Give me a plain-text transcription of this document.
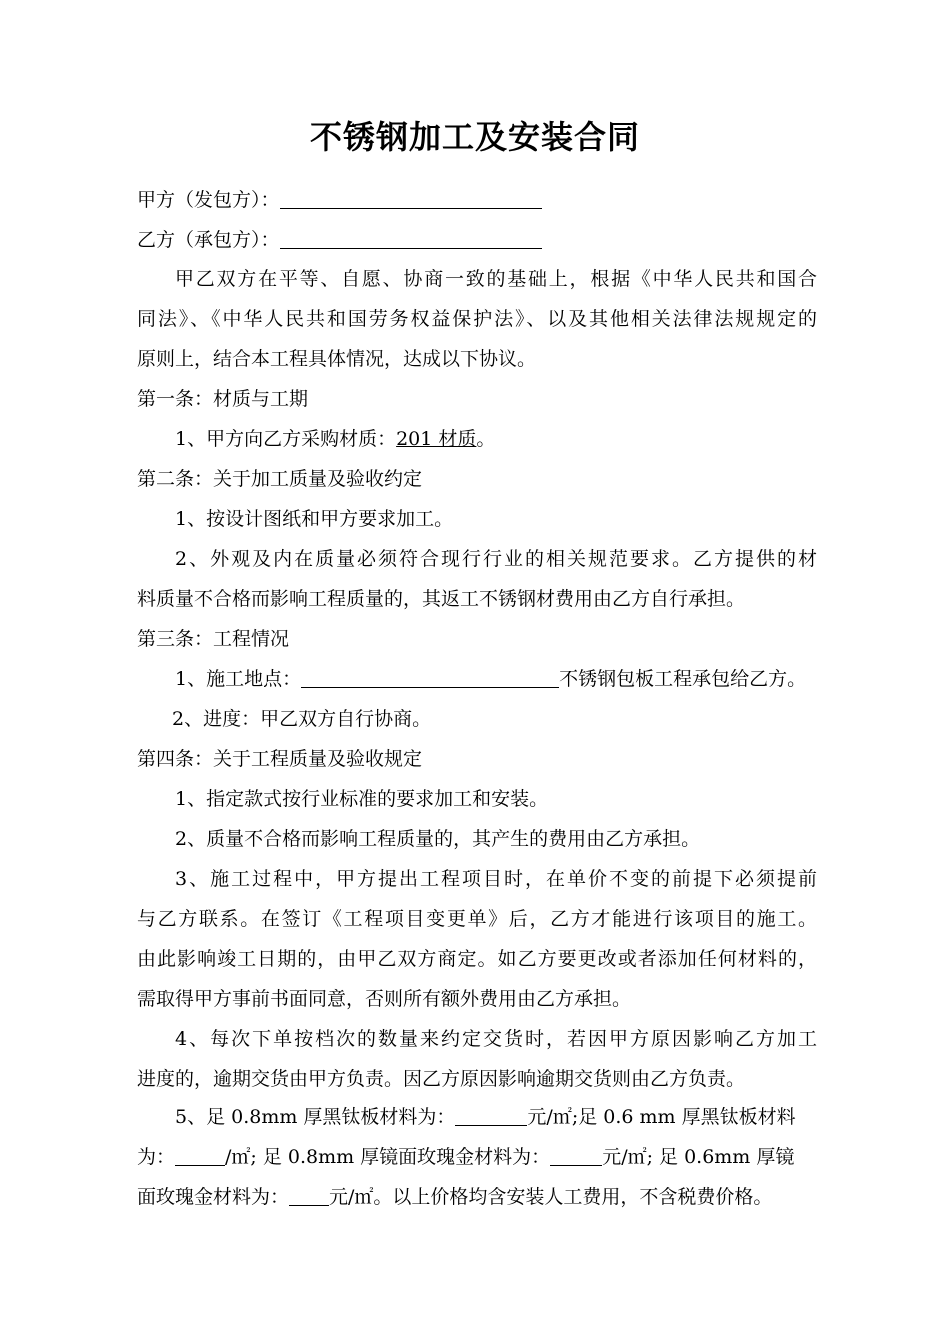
不锈钢加工及安装合同
甲方（发包方）：
乙方（承包方）：
甲乙双方在平等、自愿、协商一致的基础上，根据《中华人民共和国合
同法》、《中华人民共和国劳务权益保护法》、以及其他相关法律法规规定的
原则上，结合本工程具体情况，达成以下协议。
第一条：材质与工期
1、甲方向乙方采购材质：201 材质。
第二条：关于加工质量及验收约定
1、按设计图纸和甲方要求加工。
2、外观及内在质量必须符合现行行业的相关规范要求。乙方提供的材
料质量不合格而影响工程质量的，其返工不锈钢材费用由乙方自行承担。
第三条：工程情况
1、施工地点：	不锈钢包板工程承包给乙方。
2、进度：甲乙双方自行协商。
第四条：关于工程质量及验收规定
1、指定款式按行业标准的要求加工和安装。
2、质量不合格而影响工程质量的，其产生的费用由乙方承担。
3、施工过程中，甲方提出工程项目时，在单价不变的前提下必须提前
与乙方联系。在签订《工程项目变更单》后，乙方才能进行该项目的施工。
由此影响竣工日期的，由甲乙双方商定。如乙方要更改或者添加任何材料的，
需取得甲方事前书面同意，否则所有额外费用由乙方承担。
4、每次下单按档次的数量来约定交货时，若因甲方原因影响乙方加工
进度的，逾期交货由甲方负责。因乙方原因影响逾期交货则由乙方负责。
5、足 0.8mm 厚黑钛板材料为：	元/㎡;足 0.6 mm 厚黑钛板材料
为：	/㎡; 足 0.8mm 厚镜面玫瑰金材料为：	元/㎡; 足 0.6mm 厚镜
面玫瑰金材料为： 元/㎡。以上价格均含安装人工费用，不含税费价格。
